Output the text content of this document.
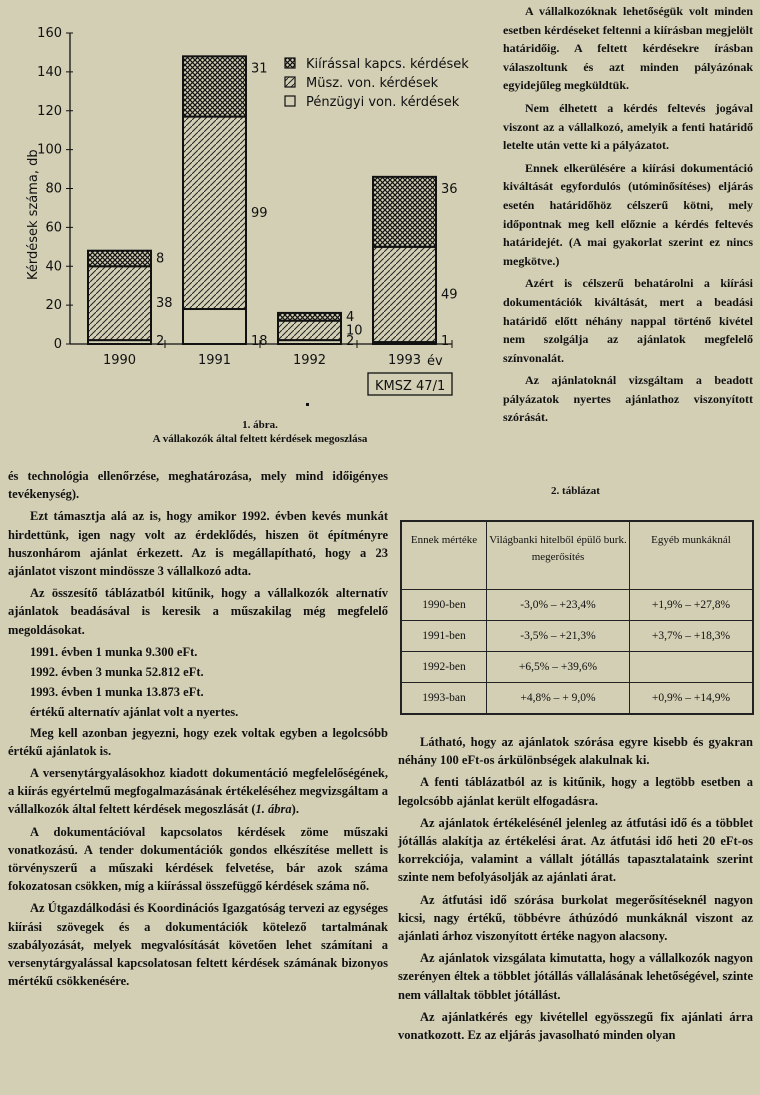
0
20
40
60
80
100
120
140
160
2
38
8
1990
18
99
31
1991
2
10
4
1992
1
49
36
1993
Kiírással kapcs. kérdések
Müsz. von. kérdések
Pénzügyi von. kérdések
Kérdések száma, db
év
KMSZ 47/1
1. ábra.
A vállakozók által feltett kérdések megoszlása

A vállalkozóknak lehetőségük volt minden esetben kérdéseket feltenni a kiírásban megjelölt határidőig. A feltett kérdésekre írásban válaszoltunk és azt minden pályázónak egyidejűleg megküldtük.

Nem élhetett a kérdés feltevés jogával viszont az a vállalkozó, amelyik a fenti határidő letelte után vette ki a pályázatot.

Ennek elkerülésére a kiírási dokumentáció kiváltását egyfordulós (utóminősítéses) eljárás esetén határidőhöz célszerű kötni, mely időpontnak meg kell előznie a kérdés feltevés határidejét. (A mai gyakorlat szerint ez nincs megkötve.)

Azért is célszerű behatárolni a kiírási dokumentációk kiváltását, mert a beadási határidő előtt néhány nappal történő kivétel nem szolgálja az ajánlatok megfelelő színvonalát.

Az ajánlatoknál vizsgáltam a beadott pályázatok nyertes ajánlathoz viszonyított szórását.

és technológia ellenőrzése, meghatározása, mely mind időigényes tevékenység).

Ezt támasztja alá az is, hogy amikor 1992. évben kevés munkát hirdettünk, igen nagy volt az érdeklődés, hiszen öt építményre huszonhárom ajánlat érkezett. Az is megállapítható, hogy a 23 ajánlatot viszont mindössze 3 vállalkozó adta.

Az összesítő táblázatból kitűnik, hogy a vállalkozók alternatív ajánlatok beadásával is keresik a műszakilag még megfelelő megoldásokat.

1991. évben 1 munka 9.300 eFt.

1992. évben 3 munka 52.812 eFt.

1993. évben 1 munka 13.873 eFt.

értékű alternatív ajánlat volt a nyertes.

Meg kell azonban jegyezni, hogy ezek voltak egyben a legolcsóbb értékű ajánlatok is.

A versenytárgyalásokhoz kiadott dokumentáció megfelelőségének, a kiírás egyértelmű megfogalmazásának értékeléséhez megvizsgáltam a vállalkozók által feltett kérdések megoszlását (1. ábra).

A dokumentációval kapcsolatos kérdések zöme műszaki vonatkozású. A tender dokumentációk gondos elkészítése mellett is törvényszerű a műszaki kérdések felvetése, bár azok száma fokozatosan csökken, míg a kiírással összefüggő kérdések száma nő.

Az Útgazdálkodási és Koordinációs Igazgatóság tervezi az egységes kiírási szövegek és a dokumentációk kötelező tartalmának szabályozását, melyek megvalósítását követően lehet számítani a versenytárgyalással kapcsolatosan feltett kérdések számának bizonyos mértékű csökkenésére.

2. táblázat
Ennek mértéke	Világbanki hitelből épülő burk. megerősítés	Egyéb munkáknál
1990-ben	-3,0% – +23,4%	+1,9% – +27,8%
1991-ben	-3,5% – +21,3%	+3,7% – +18,3%
1992-ben	+6,5% – +39,6%	
1993-ban	+4,8% – + 9,0%	+0,9% – +14,9%

Látható, hogy az ajánlatok szórása egyre kisebb és gyakran néhány 100 eFt-os árkülönbségek alakulnak ki.

A fenti táblázatból az is kitűnik, hogy a legtöbb esetben a legolcsóbb ajánlat került elfogadásra.

Az ajánlatok értékelésénél jelenleg az átfutási idő és a többlet jótállás alakítja az értékelési árat. Az átfutási idő heti 20 eFt-os korrekciója, valamint a vállalt jótállás tapasztalataink szerint szinte nem befolyásolják az ajánlati árat.

Az átfutási idő szórása burkolat megerősítéseknél nagyon kicsi, nagy értékű, többévre áthúzódó munkáknál viszont az ajánlati árhoz viszonyított értéke nagyon alacsony.

Az ajánlatok vizsgálata kimutatta, hogy a vállalkozók nagyon szerényen éltek a többlet jótállás vállalásának lehetőségével, szinte nem vállaltak többlet jótállást.

Az ajánlatkérés egy kivétellel egyösszegű fix ajánlati árra vonatkozott. Ez az eljárás javasolható minden olyan
